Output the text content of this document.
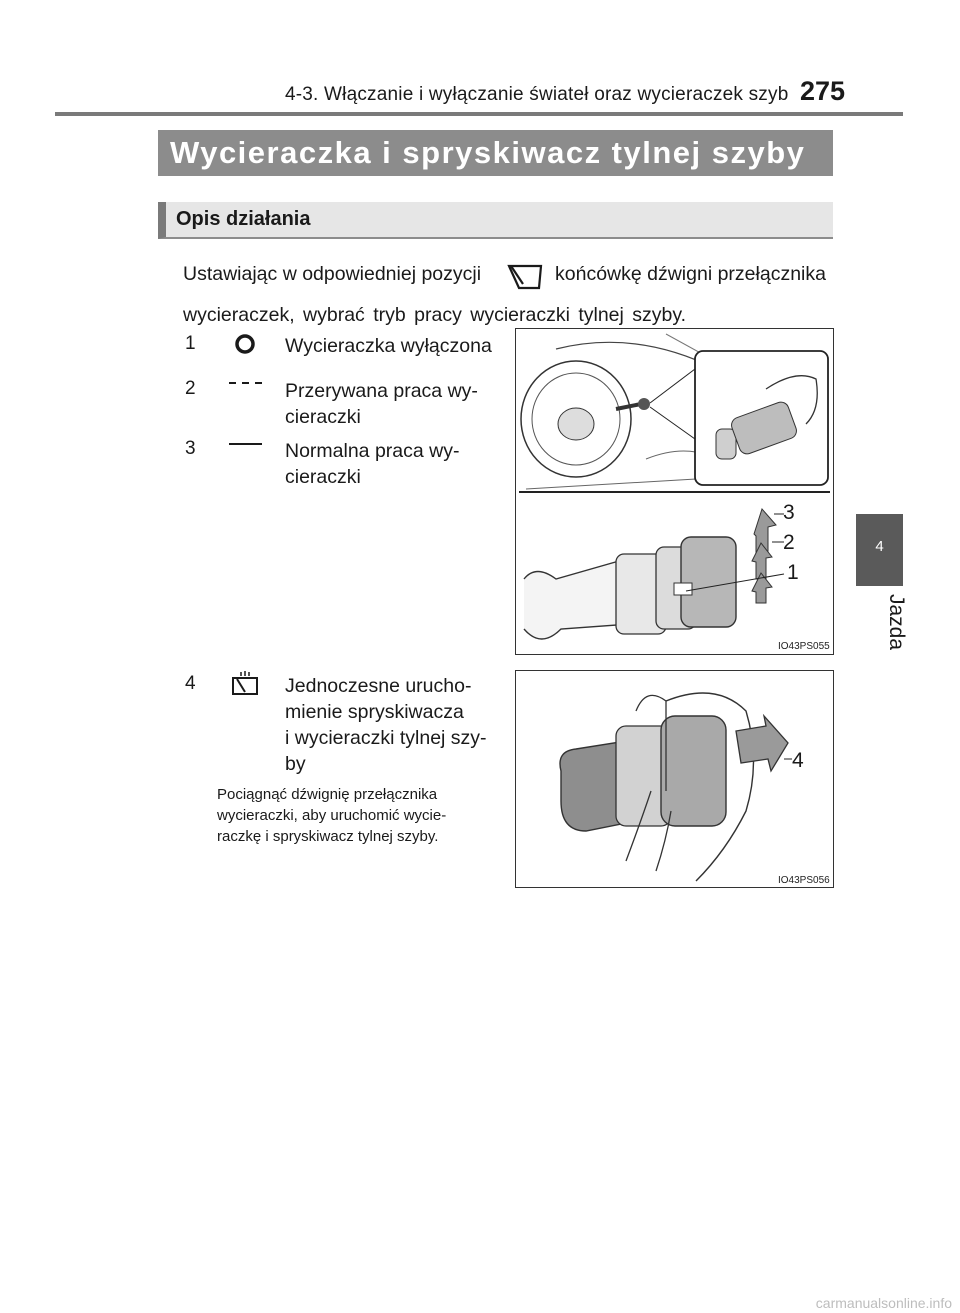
4-3. Włączanie i wyłączanie świateł oraz wycieraczek szyb 275
4
Jazda
Wycieraczka i spryskiwacz tylnej szyby
Opis działania
Ustawiając w odpowiedniej pozycji	końcówkę dźwigni przełącznika
wycieraczek, wybrać tryb pracy wycieraczki tylnej szyby.
1	Wycieraczka wyłączona
2	Przerywana praca wy-
cieraczki
3	Normalna praca wy-
cieraczki
3
2
1
IO43PS055
4	Jednoczesne urucho-
mienie spryskiwacza
i wycieraczki tylnej szy-
by
Pociągnąć dźwignię przełącznika
wycieraczki, aby uruchomić wycie-
raczkę i spryskiwacz tylnej szyby.
4
IO43PS056
carmanualsonline.info
